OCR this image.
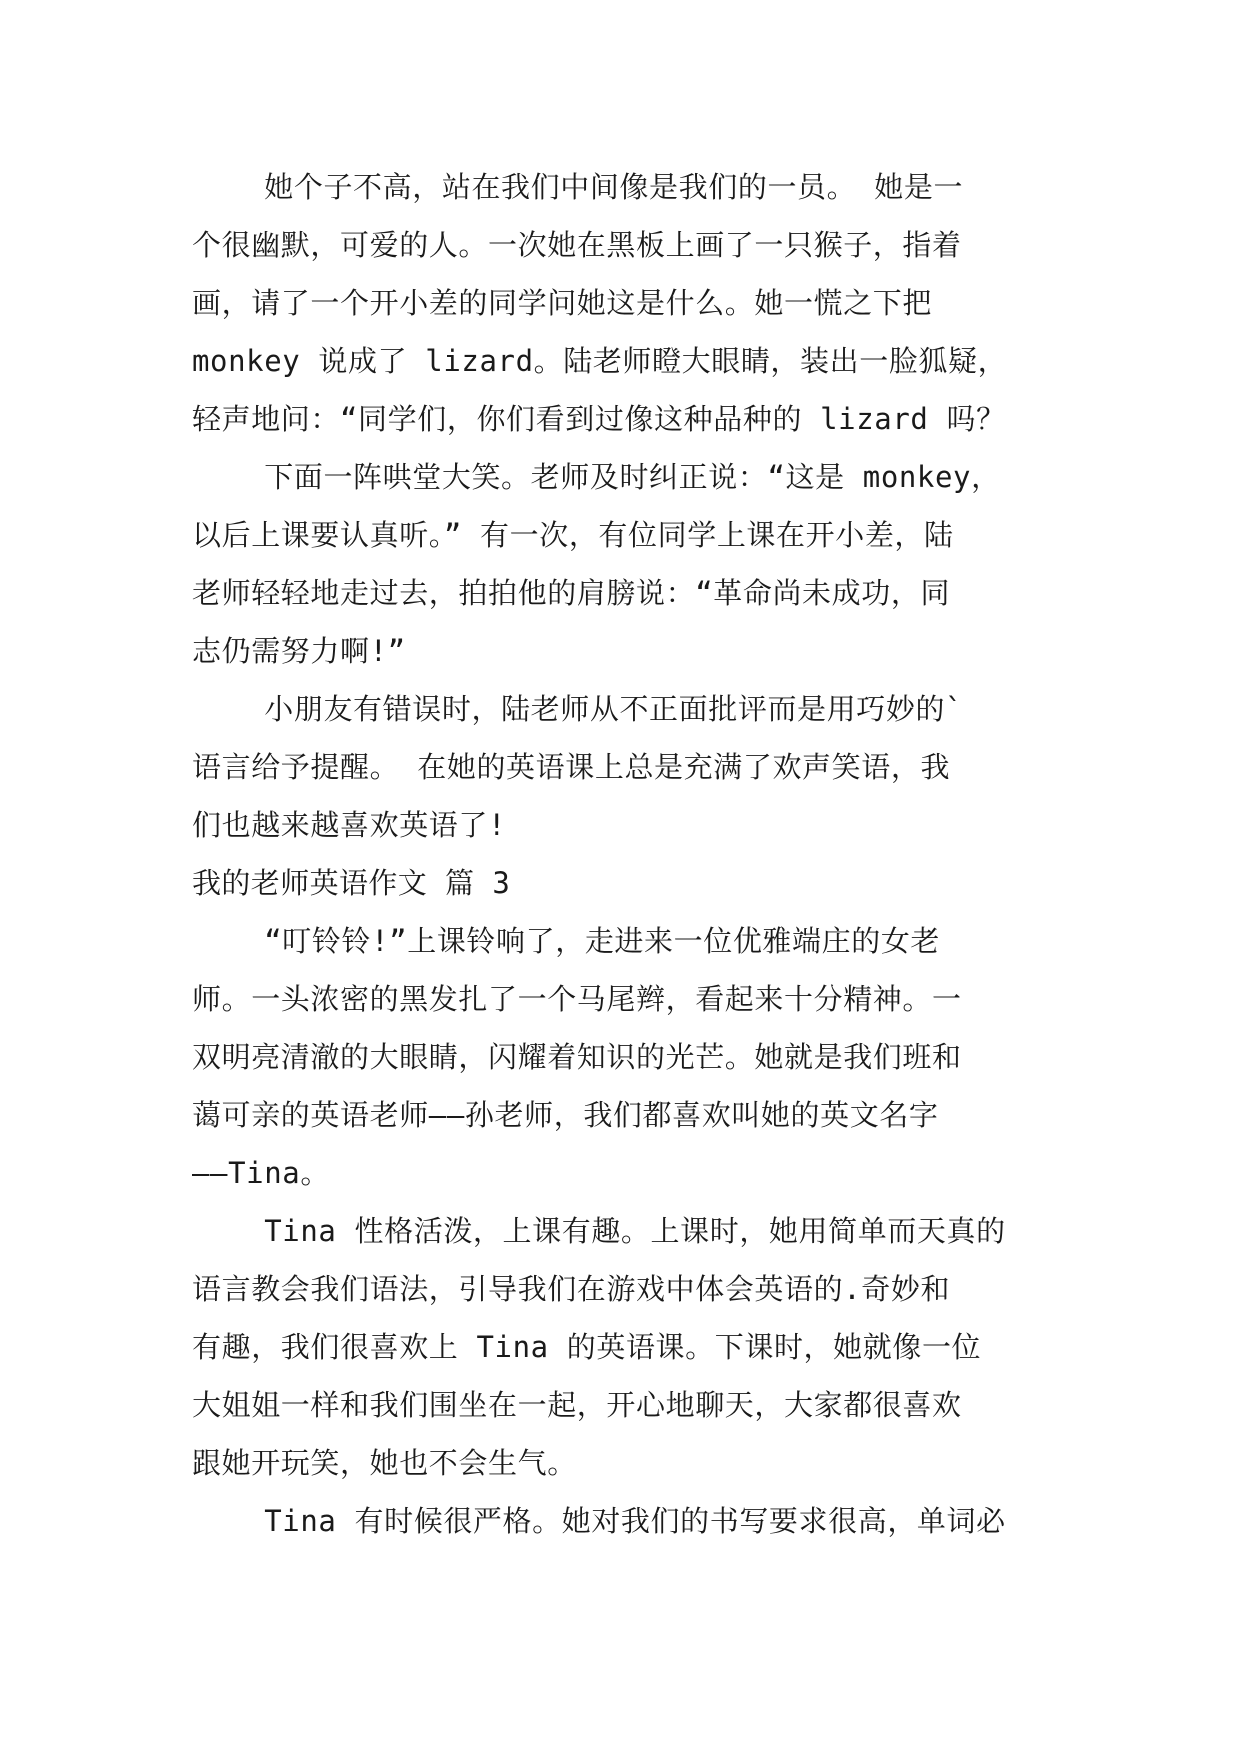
她个子不高，站在我们中间像是我们的一员。 她是一
个很幽默，可爱的人。一次她在黑板上画了一只猴子，指着
画，请了一个开小差的同学问她这是什么。她一慌之下把
monkey 说成了 lizard。陆老师瞪大眼睛，装出一脸狐疑，
轻声地问：“同学们，你们看到过像这种品种的 lizard 吗？
下面一阵哄堂大笑。老师及时纠正说：“这是 monkey，
以后上课要认真听。” 有一次，有位同学上课在开小差，陆
老师轻轻地走过去，拍拍他的肩膀说：“革命尚未成功，同
志仍需努力啊!”
小朋友有错误时，陆老师从不正面批评而是用巧妙的`
语言给予提醒。 在她的英语课上总是充满了欢声笑语，我
们也越来越喜欢英语了!
我的老师英语作文 篇 3
“叮铃铃!”上课铃响了，走进来一位优雅端庄的女老
师。一头浓密的黑发扎了一个马尾辫，看起来十分精神。一
双明亮清澈的大眼睛，闪耀着知识的光芒。她就是我们班和
蔼可亲的英语老师——孙老师，我们都喜欢叫她的英文名字
——Tina。
Tina 性格活泼，上课有趣。上课时，她用简单而天真的
语言教会我们语法，引导我们在游戏中体会英语的.奇妙和
有趣，我们很喜欢上 Tina 的英语课。下课时，她就像一位
大姐姐一样和我们围坐在一起，开心地聊天，大家都很喜欢
跟她开玩笑，她也不会生气。
Tina 有时候很严格。她对我们的书写要求很高，单词必
